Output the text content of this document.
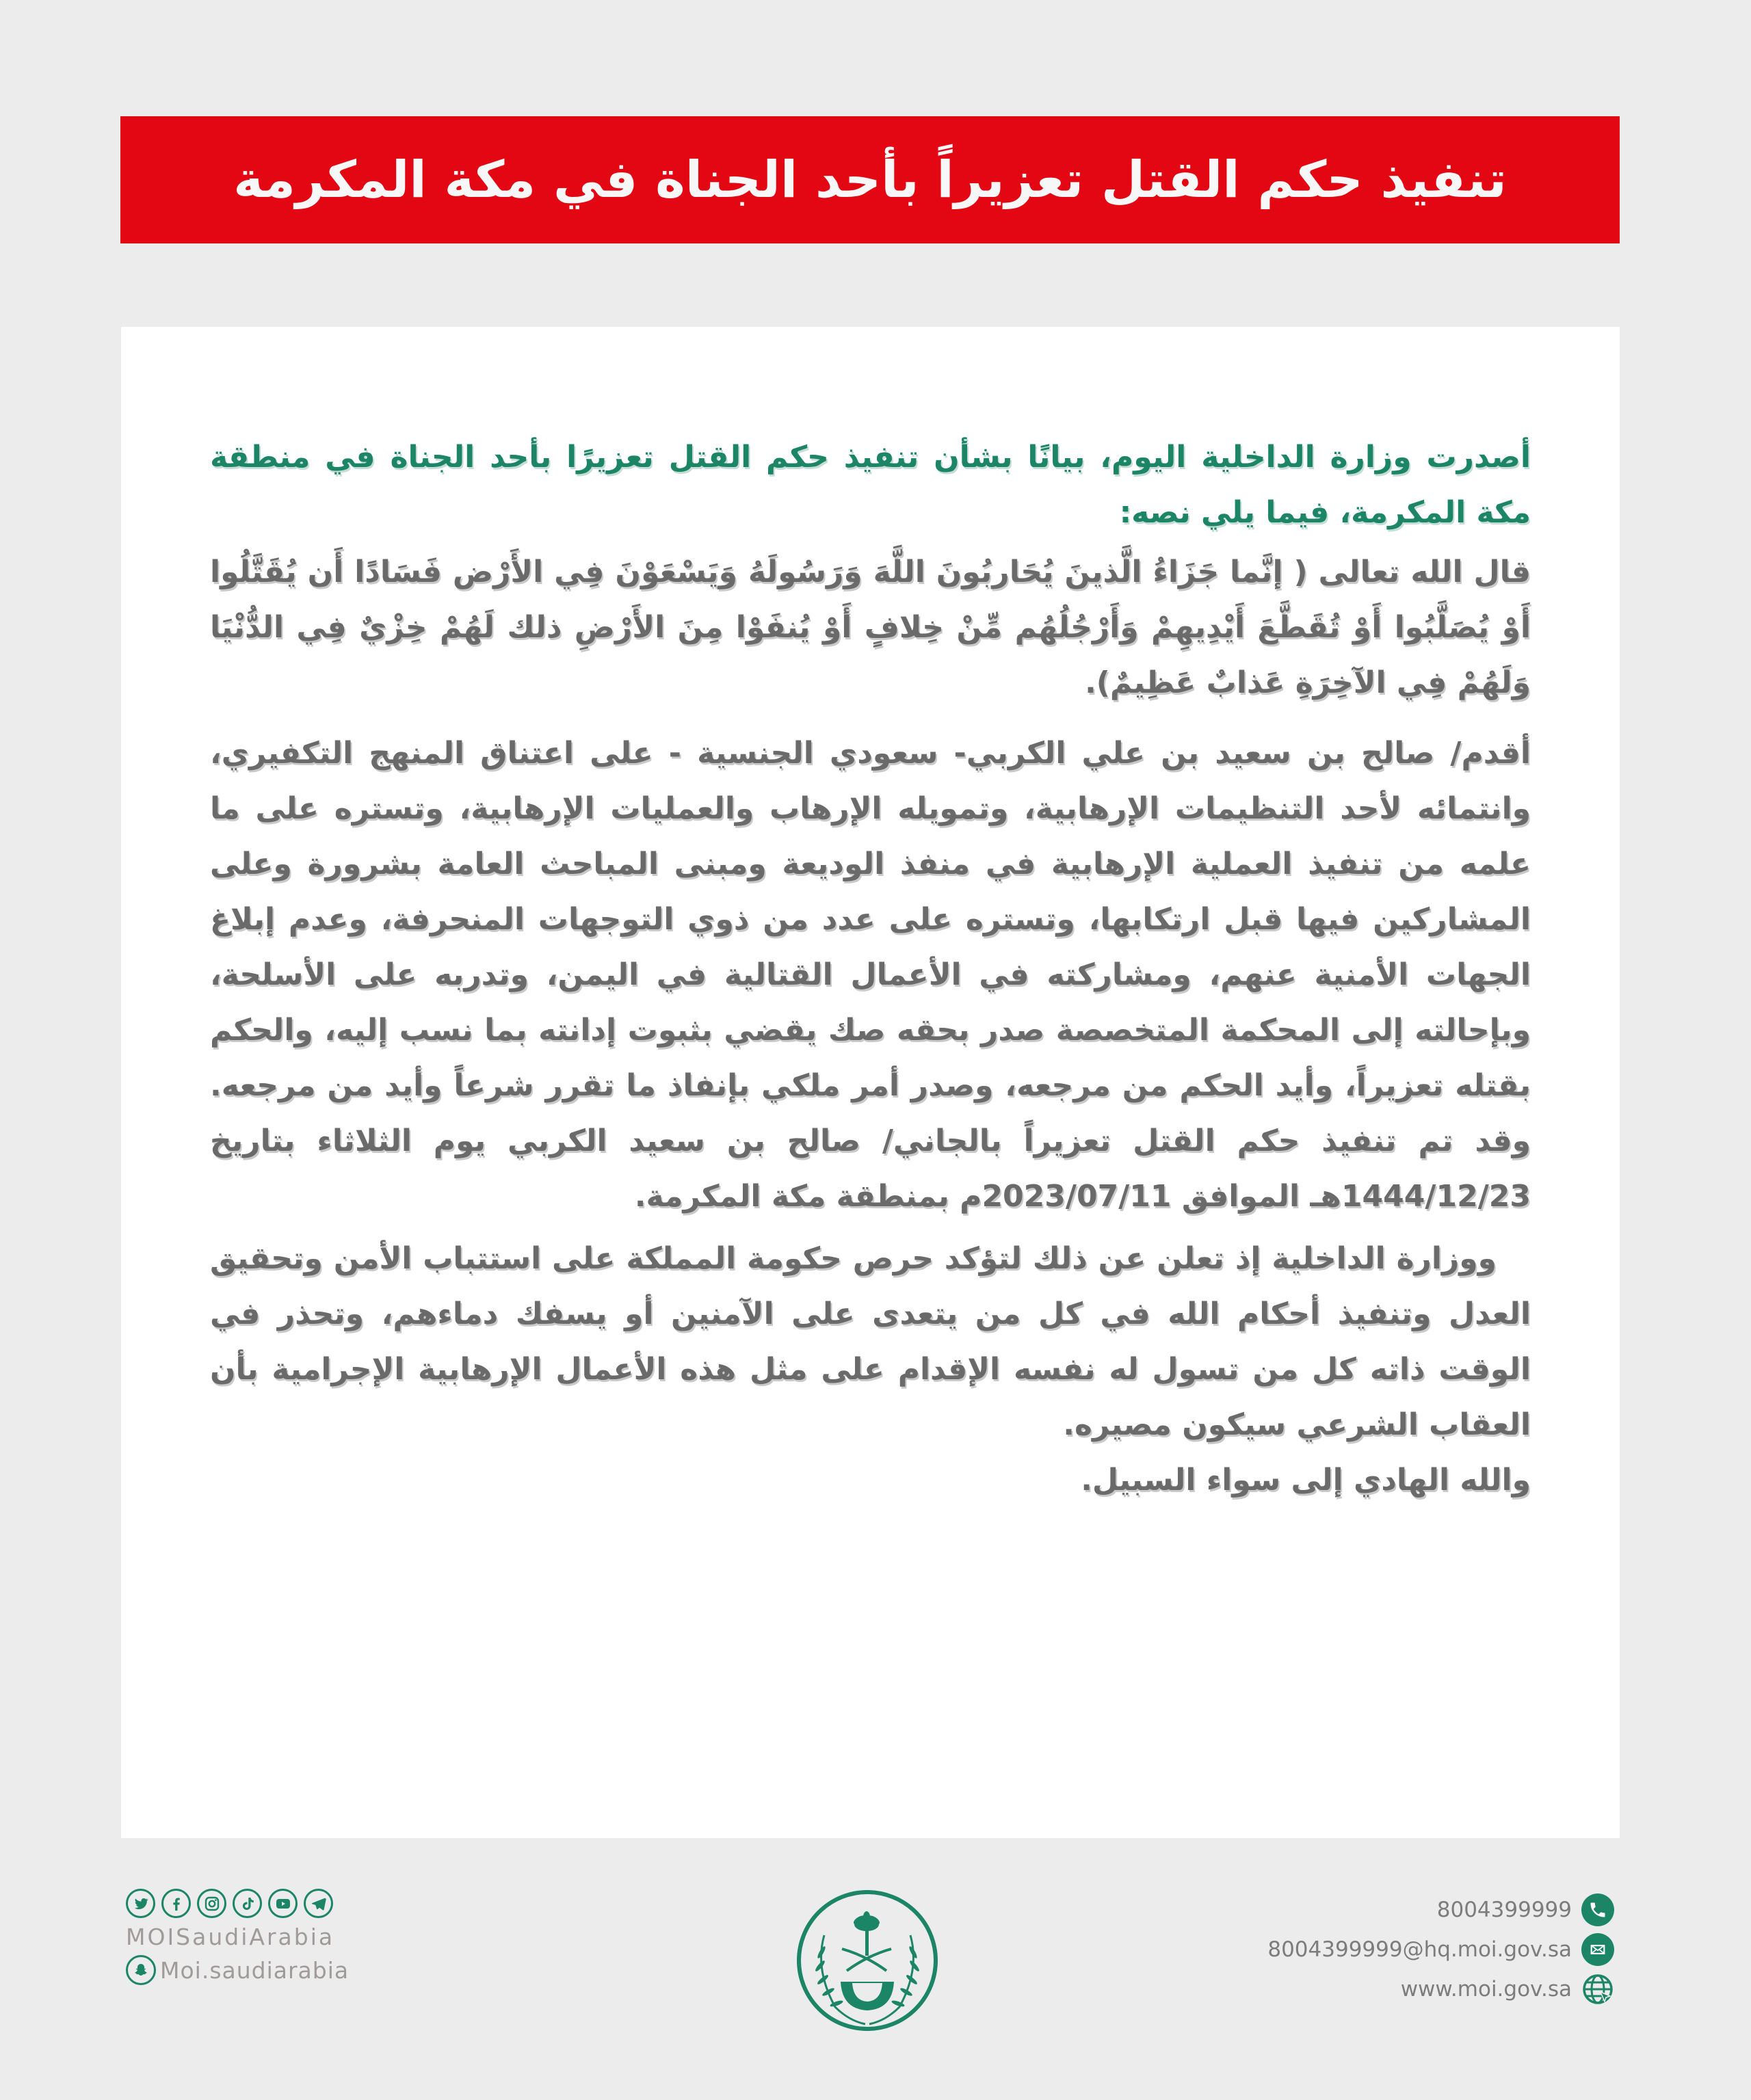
تنفيذ حكم القتل تعزيراً بأحد الجناة في مكة المكرمة

أصدرت وزارة الداخلية اليوم، بيانًا بشأن تنفيذ حكم القتل تعزيرًا بأحد الجناة في منطقة مكة المكرمة، فيما يلي نصه:

قال الله تعالى ( إنَّما جَزَاءُ الَّذينَ يُحَاربُونَ اللَّهَ وَرَسُولَهُ وَيَسْعَوْنَ فِي الأَرْض فَسَادًا أَن يُقَتَّلُوا أَوْ يُصَلَّبُوا أَوْ تُقَطَّعَ أَيْدِيهِمْ وَأَرْجُلُهُم مِّنْ خِلافٍ أَوْ يُنفَوْا مِنَ الأَرْضِ ذلك لَهُمْ خِزْيٌ فِي الدُّنْيَا وَلَهُمْ فِي الآخِرَةِ عَذابٌ عَظِيمٌ).

أقدم/ صالح بن سعيد بن علي الكربي- سعودي الجنسية - على اعتناق المنهج التكفيري، وانتمائه لأحد التنظيمات الإرهابية، وتمويله الإرهاب والعمليات الإرهابية، وتستره على ما علمه من تنفيذ العملية الإرهابية في منفذ الوديعة ومبنى المباحث العامة بشرورة وعلى المشاركين فيها قبل ارتكابها، وتستره على عدد من ذوي التوجهات المنحرفة، وعدم إبلاغ الجهات الأمنية عنهم، ومشاركته في الأعمال القتالية في اليمن، وتدربه على الأسلحة، وبإحالته إلى المحكمة المتخصصة صدر بحقه صك يقضي بثبوت إدانته بما نسب إليه، والحكم بقتله تعزيراً، وأيد الحكم من مرجعه، وصدر أمر ملكي بإنفاذ ما تقرر شرعاً وأيد من مرجعه. وقد تم تنفيذ حكم القتل تعزيراً بالجاني/ صالح بن سعيد الكربي يوم الثلاثاء بتاريخ 1444/12/23هـ الموافق 2023/07/11م بمنطقة مكة المكرمة.

ووزارة الداخلية إذ تعلن عن ذلك لتؤكد حرص حكومة المملكة على استتباب الأمن وتحقيق العدل وتنفيذ أحكام الله في كل من يتعدى على الآمنين أو يسفك دماءهم، وتحذر في الوقت ذاته كل من تسول له نفسه الإقدام على مثل هذه الأعمال الإرهابية الإجرامية بأن العقاب الشرعي سيكون مصيره.

والله الهادي إلى سواء السبيل.

MOISaudiArabia
Moi.saudiarabia
8004399999
8004399999@hq.moi.gov.sa
www.moi.gov.sa
